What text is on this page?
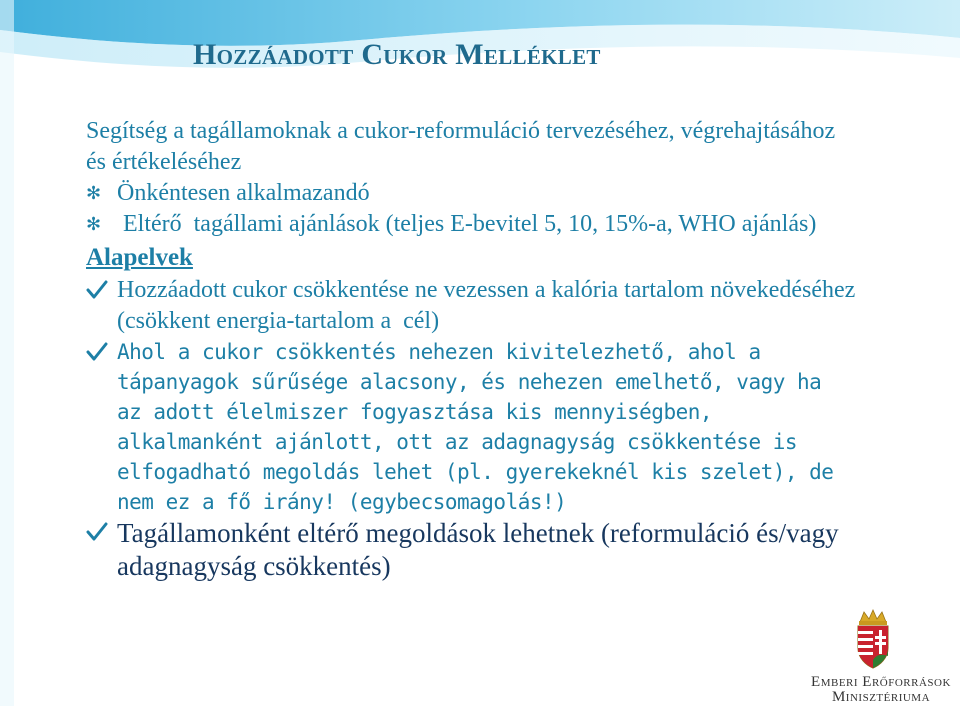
Hozzáadott Cukor Melléklet

Segítség a tagállamoknak a cukor-reformuláció tervezéséhez, végrehajtásához és értékeléséhez

✻ Önkéntesen alkalmazandó
✻ Eltérő  tagállami ajánlások (teljes E-bevitel 5, 10, 15%-a, WHO ajánlás)
Alapelvek
Hozzáadott cukor csökkentése ne vezessen a kalória tartalom növekedéséhez (csökkent energia-tartalom a  cél)
Ahol a cukor csökkentés nehezen kivitelezhető, ahol a tápanyagok sűrűsége alacsony, és nehezen emelhető, vagy ha az adott élelmiszer fogyasztása kis mennyiségben, alkalmanként ajánlott, ott az adagnagyság csökkentése is elfogadható megoldás lehet (pl. gyerekeknél kis szelet), de nem ez a fő irány! (egybecsomagolás!)
Tagállamonként eltérő megoldások lehetnek (reformuláció és/vagy adagnagyság csökkentés)
Emberi Erőforrások
Minisztériuma
